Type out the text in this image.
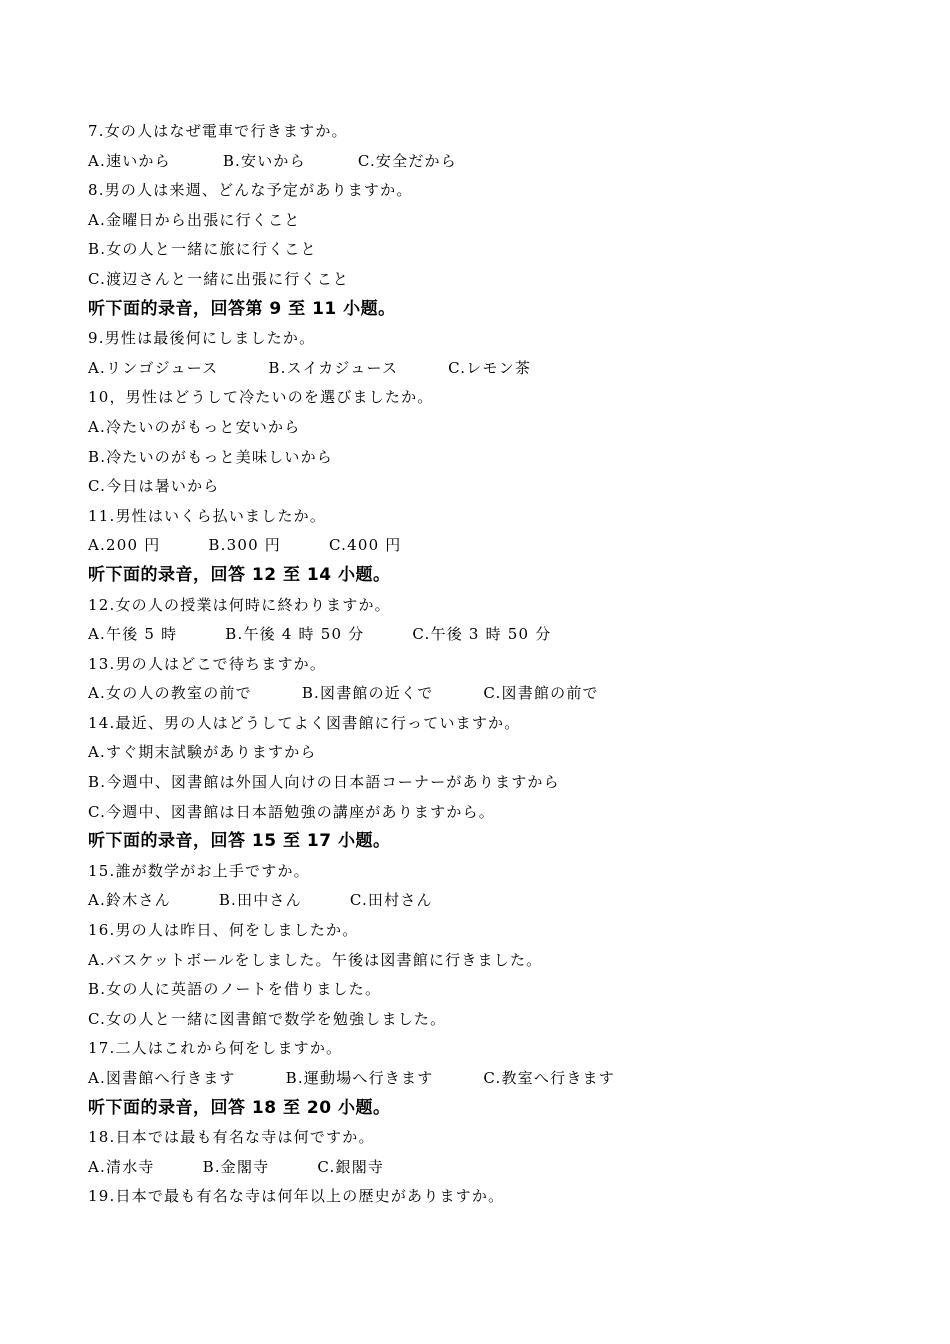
7.女の人はなぜ電車で行きますか。
A.速いから	B.安いから	C.安全だから
8.男の人は来週、どんな予定がありますか。
A.金曜日から出張に行くこと
B.女の人と一緒に旅に行くこと
C.渡辺さんと一緒に出張に行くこと
听下面的录音，回答第 9 至 11 小题。
9.男性は最後何にしましたか。
A.リンゴジュース	B.スイカジュース	C.レモン茶
10，男性はどうして冷たいのを選びましたか。
A.冷たいのがもっと安いから
B.冷たいのがもっと美味しいから
C.今日は暑いから
11.男性はいくら払いましたか。
A.200 円	B.300 円	C.400 円
听下面的录音，回答 12 至 14 小题。
12.女の人の授業は何時に終わりますか。
A.午後 5 時	B.午後 4 時 50 分	C.午後 3 時 50 分
13.男の人はどこで待ちますか。
A.女の人の教室の前で	B.図書館の近くで	C.図書館の前で
14.最近、男の人はどうしてよく図書館に行っていますか。
A.すぐ期末試験がありますから
B.今週中、図書館は外国人向けの日本語コーナーがありますから
C.今週中、図書館は日本語勉強の講座がありますから。
听下面的录音，回答 15 至 17 小题。
15.誰が数学がお上手ですか。
A.鈴木さん	B.田中さん	C.田村さん
16.男の人は昨日、何をしましたか。
A.バスケットボールをしました。午後は図書館に行きました。
B.女の人に英語のノートを借りました。
C.女の人と一緒に図書館で数学を勉強しました。
17.二人はこれから何をしますか。
A.図書館へ行きます	B.運動場へ行きます	C.教室へ行きます
听下面的录音，回答 18 至 20 小题。
18.日本では最も有名な寺は何ですか。
A.清水寺	B.金閣寺	C.銀閣寺
19.日本で最も有名な寺は何年以上の歴史がありますか。
